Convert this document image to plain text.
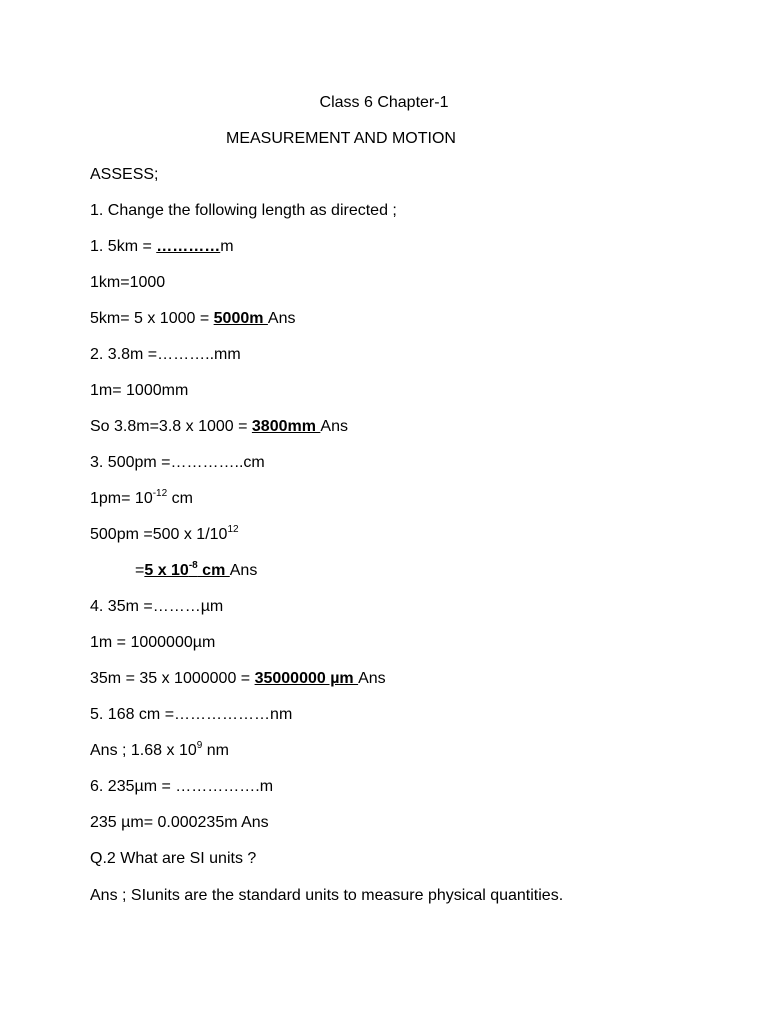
Class 6 Chapter-1
MEASUREMENT AND MOTION
ASSESS;
1. Change the following length as directed ;
1. 5km = …………m
1km=1000
5km= 5 x 1000 = 5000m Ans
2. 3.8m =………..mm
1m= 1000mm
So 3.8m=3.8 x 1000 = 3800mm Ans
3. 500pm =…………..cm
$1pm= 10^{-12}$ cm
500pm =500 x $1/10^{12}$
=5 x $10^{-8}$ cm Ans
4. 35m =………µm
1m = 1000000µm
35m = 35 x 1000000 = 35000000 µm Ans
5. 168 cm =………………nm
Ans ; 1.68 x $10^9$ nm
6. 235µm = …………….m
235 µm= 0.000235m Ans
Q.2 What are SI units ?
Ans ; SIunits are the standard units to measure physical quantities.
